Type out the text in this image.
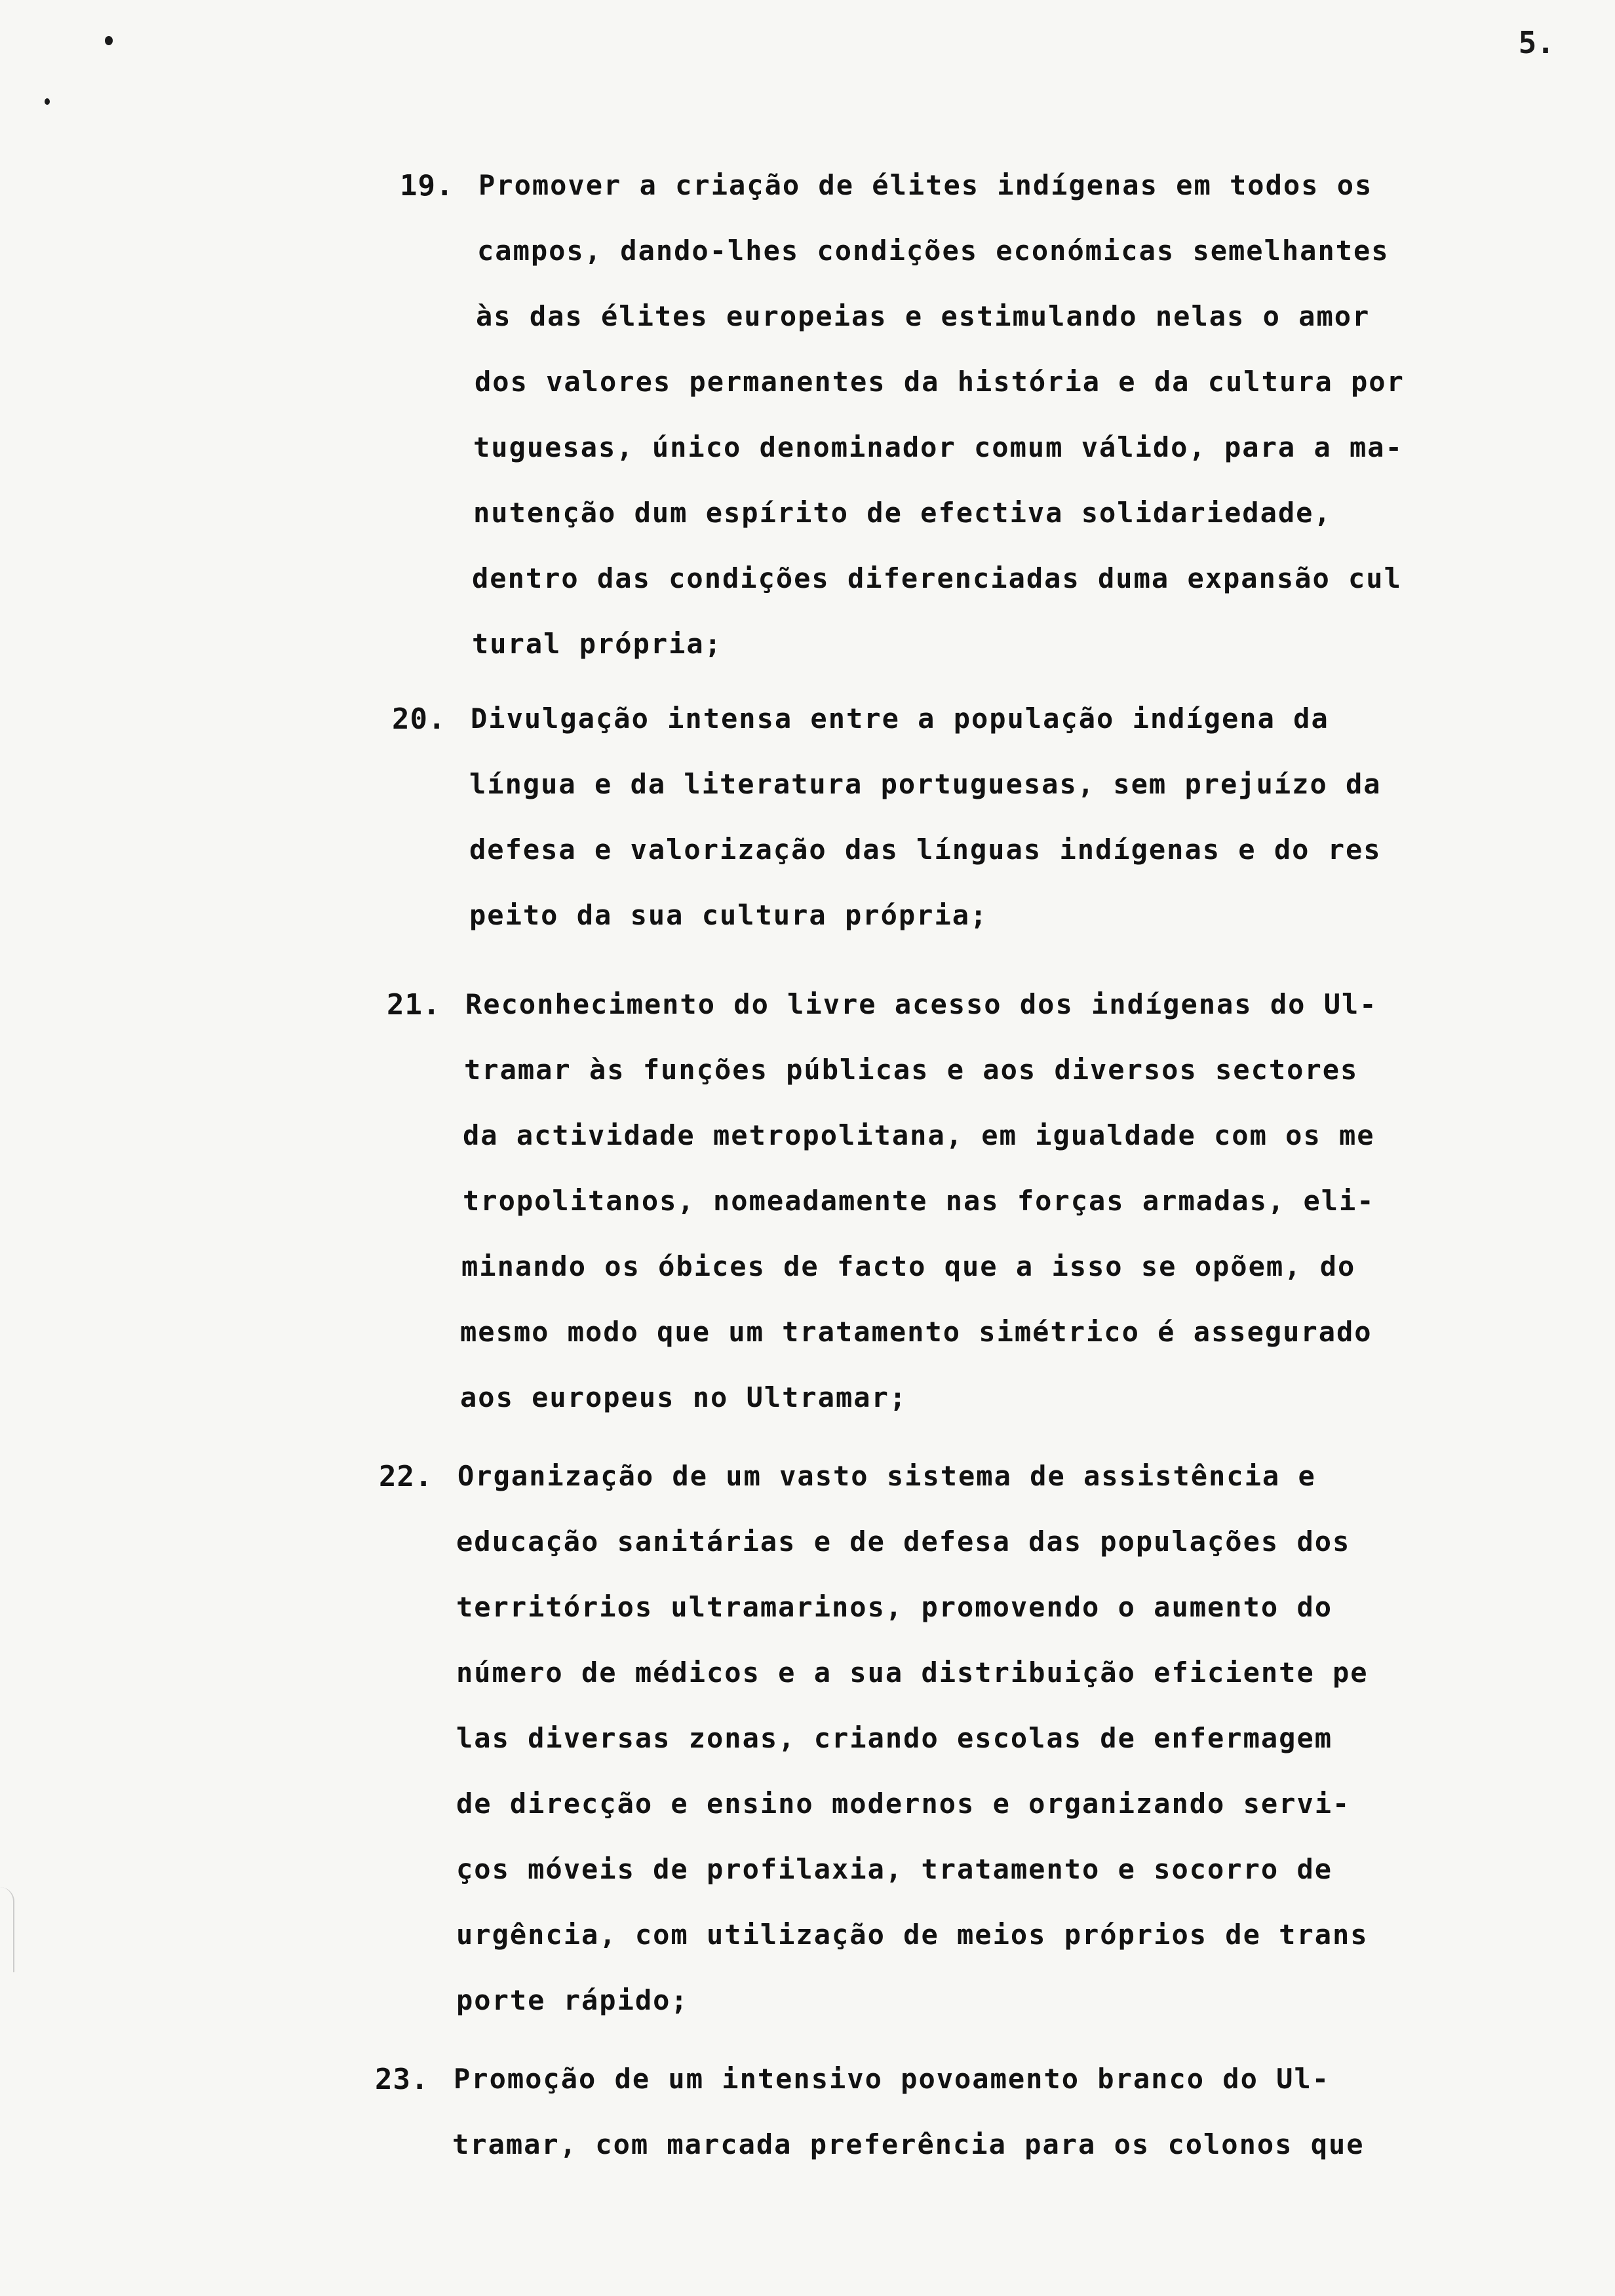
5.
19. Promover a criação de élites indígenas em todos os
campos, dando-lhes condições económicas semelhantes
às das élites europeias e estimulando nelas o amor
dos valores permanentes da história e da cultura por
tuguesas, único denominador comum válido, para a ma-
nutenção dum espírito de efectiva solidariedade,
dentro das condições diferenciadas duma expansão cul
tural própria;
20. Divulgação intensa entre a população indígena da
língua e da literatura portuguesas, sem prejuízo da
defesa e valorização das línguas indígenas e do res
peito da sua cultura própria;
21. Reconhecimento do livre acesso dos indígenas do Ul-
tramar às funções públicas e aos diversos sectores
da actividade metropolitana, em igualdade com os me
tropolitanos, nomeadamente nas forças armadas, eli-
minando os óbices de facto que a isso se opõem, do
mesmo modo que um tratamento simétrico é assegurado
aos europeus no Ultramar;
22. Organização de um vasto sistema de assistência e
educação sanitárias e de defesa das populações dos
territórios ultramarinos, promovendo o aumento do
número de médicos e a sua distribuição eficiente pe
las diversas zonas, criando escolas de enfermagem
de direcção e ensino modernos e organizando servi-
ços móveis de profilaxia, tratamento e socorro de
urgência, com utilização de meios próprios de trans
porte rápido;
23. Promoção de um intensivo povoamento branco do Ul-
tramar, com marcada preferência para os colonos que
